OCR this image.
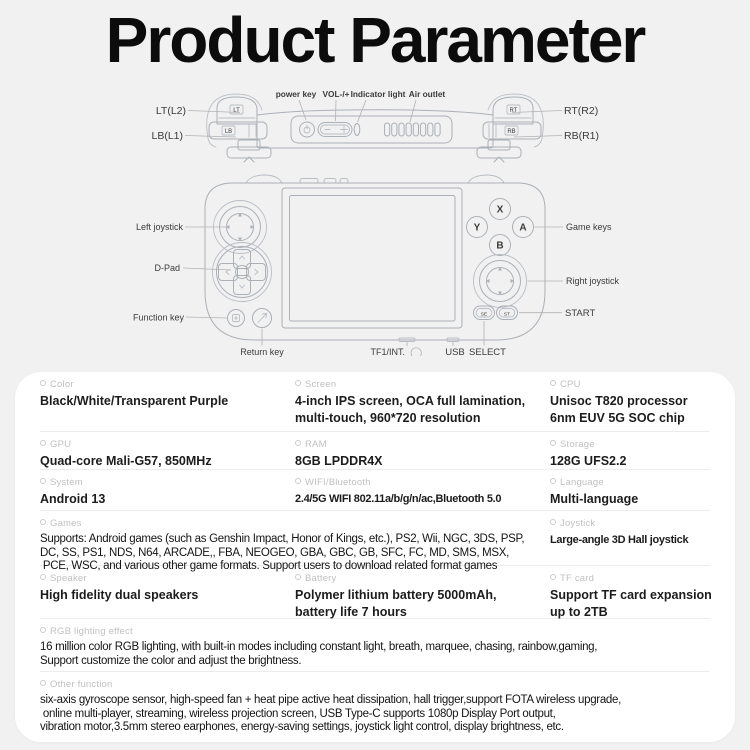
Product Parameter
LB	RB
LT	RT
power key VOL-/+ Indicator light Air outlet
LT(L2)
LB(L1)
RT(R2)
RB(R1)
X
Y	A
B
SE	ST
Left joystick
D-Pad
Function key
Return key
Game keys
Right joystick
START
TF1/INT.	USB SELECT
Color
Black/White/Transparent Purple
Screen
4-inch IPS screen, OCA full lamination,
multi-touch, 960*720 resolution
CPU
Unisoc T820 processor
6nm EUV 5G SOC chip
GPU
Quad-core Mali-G57, 850MHz
RAM
8GB LPDDR4X
Storage
128G UFS2.2
System
Android 13
WIFI/Bluetooth
2.4/5G WIFI 802.11a/b/g/n/ac,Bluetooth 5.0
Language
Multi-language
Games
Supports: Android games (such as Genshin Impact, Honor of Kings, etc.), PS2, Wii, NGC, 3DS, PSP,
DC, SS, PS1, NDS, N64, ARCADE,, FBA, NEOGEO, GBA, GBC, GB, SFC, FC, MD, SMS, MSX,
PCE, WSC, and various other game formats. Support users to download related format games
Joystick
Large-angle 3D Hall joystick
Speaker
High fidelity dual speakers
Battery
Polymer lithium battery 5000mAh,
battery life 7 hours
TF card
Support TF card expansion
up to 2TB
RGB lighting effect
16 million color RGB lighting, with built-in modes including constant light, breath, marquee, chasing, rainbow,gaming,
Support customize the color and adjust the brightness.
Other function
six-axis gyroscope sensor, high-speed fan + heat pipe active heat dissipation, hall trigger,support FOTA wireless upgrade,
online multi-player, streaming, wireless projection screen, USB Type-C supports 1080p Display Port output,
vibration motor,3.5mm stereo earphones, energy-saving settings, joystick light control, display brightness, etc.
